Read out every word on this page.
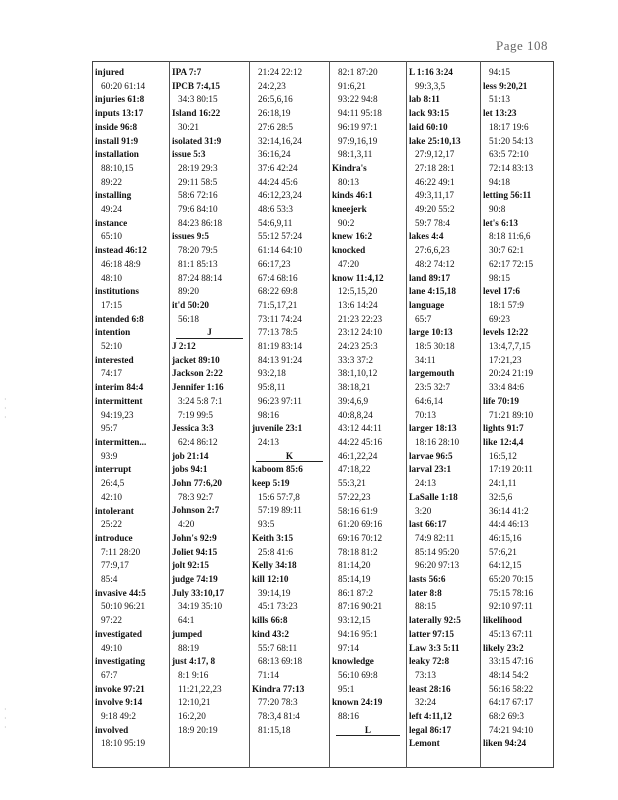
Page 108
injured
60:20 61:14
injuries 61:8
inputs 13:17
inside 96:8
install 91:9
installation
88:10,15
89:22
installing
49:24
instance
65:10
instead 46:12
46:18 48:9
48:10
institutions
17:15
intended 6:8
intention
52:10
interested
74:17
interim 84:4
intermittent
94:19,23
95:7
intermitten...
93:9
interrupt
26:4,5
42:10
intolerant
25:22
introduce
7:11 28:20
77:9,17
85:4
invasive 44:5
50:10 96:21
97:22
investigated
49:10
investigating
67:7
invoke 97:21
involve 9:14
9:18 49:2
involved
18:10 95:19
IPA 7:7
IPCB 7:4,15
34:3 80:15
Island 16:22
30:21
isolated 31:9
issue 5:3
28:19 29:3
29:11 58:5
58:6 72:16
79:6 84:10
84:23 86:18
issues 9:5
78:20 79:5
81:1 85:13
87:24 88:14
89:20
it'd 50:20
56:18
J
J 2:12
jacket 89:10
Jackson 2:22
Jennifer 1:16
3:24 5:8 7:1
7:19 99:5
Jessica 3:3
62:4 86:12
job 21:14
jobs 94:1
John 77:6,20
78:3 92:7
Johnson 2:7
4:20
John's 92:9
Joliet 94:15
jolt 92:15
judge 74:19
July 33:10,17
34:19 35:10
64:1
jumped
88:19
just 4:17, 8
8:1 9:16
11:21,22,23
12:10,21
16:2,20
18:9 20:19
21:24 22:12
24:2,23
26:5,6,16
26:18,19
27:6 28:5
32:14,16,24
36:16,24
37:6 42:24
44:24 45:6
46:12,23,24
48:6 53:3
54:6,9,11
55:12 57:24
61:14 64:10
66:17,23
67:4 68:16
68:22 69:8
71:5,17,21
73:11 74:24
77:13 78:5
81:19 83:14
84:13 91:24
93:2,18
95:8,11
96:23 97:11
98:16
juvenile 23:1
24:13
K
kaboom 85:6
keep 5:19
15:6 57:7,8
57:19 89:11
93:5
Keith 3:15
25:8 41:6
Kelly 34:18
kill 12:10
39:14,19
45:1 73:23
kills 66:8
kind 43:2
55:7 68:11
68:13 69:18
71:14
Kindra 77:13
77:20 78:3
78:3,4 81:4
81:15,18
82:1 87:20
91:6,21
93:22 94:8
94:11 95:18
96:19 97:1
97:9,16,19
98:1,3,11
Kindra's
80:13
kinds 46:1
kneejerk
90:2
knew 16:2
knocked
47:20
know 11:4,12
12:5,15,20
13:6 14:24
21:23 22:23
23:12 24:10
24:23 25:3
33:3 37:2
38:1,10,12
38:18,21
39:4,6,9
40:8,8,24
43:12 44:11
44:22 45:16
46:1,22,24
47:18,22
55:3,21
57:22,23
58:16 61:9
61:20 69:16
69:16 70:12
78:18 81:2
81:14,20
85:14,19
86:1 87:2
87:16 90:21
93:12,15
94:16 95:1
97:14
knowledge
56:10 69:8
95:1
known 24:19
88:16
L
L 1:16 3:24
99:3,3,5
lab 8:11
lack 93:15
laid 60:10
lake 25:10,13
27:9,12,17
27:18 28:1
46:22 49:1
49:3,11,17
49:20 55:2
59:7 78:4
lakes 4:4
27:6,6,23
48:2 74:12
land 89:17
lane 4:15,18
language
65:7
large 10:13
18:5 30:18
34:11
largemouth
23:5 32:7
64:6,14
70:13
larger 18:13
18:16 28:10
larvae 96:5
larval 23:1
24:13
LaSalle 1:18
3:20
last 66:17
74:9 82:11
85:14 95:20
96:20 97:13
lasts 56:6
later 8:8
88:15
laterally 92:5
latter 97:15
Law 3:3 5:11
leaky 72:8
73:13
least 28:16
32:24
left 4:11,12
legal 86:17
Lemont
94:15
less 9:20,21
51:13
let 13:23
18:17 19:6
51:20 54:13
63:5 72:10
72:14 83:13
94:18
letting 56:11
90:8
let's 6:13
8:18 11:6,6
30:7 62:1
62:17 72:15
98:15
level 17:6
18:1 57:9
69:23
levels 12:22
13:4,7,7,15
17:21,23
20:24 21:19
33:4 84:6
life 70:19
71:21 89:10
lights 91:7
like 12:4,4
16:5,12
17:19 20:11
24:1,11
32:5,6
36:14 41:2
44:4 46:13
46:15,16
57:6,21
64:12,15
65:20 70:15
75:15 78:16
92:10 97:11
likelihood
45:13 67:11
likely 23:2
33:15 47:16
48:14 54:2
56:16 58:22
64:17 67:17
68:2 69:3
74:21 94:10
liken 94:24
·
·
·
·
·
·
